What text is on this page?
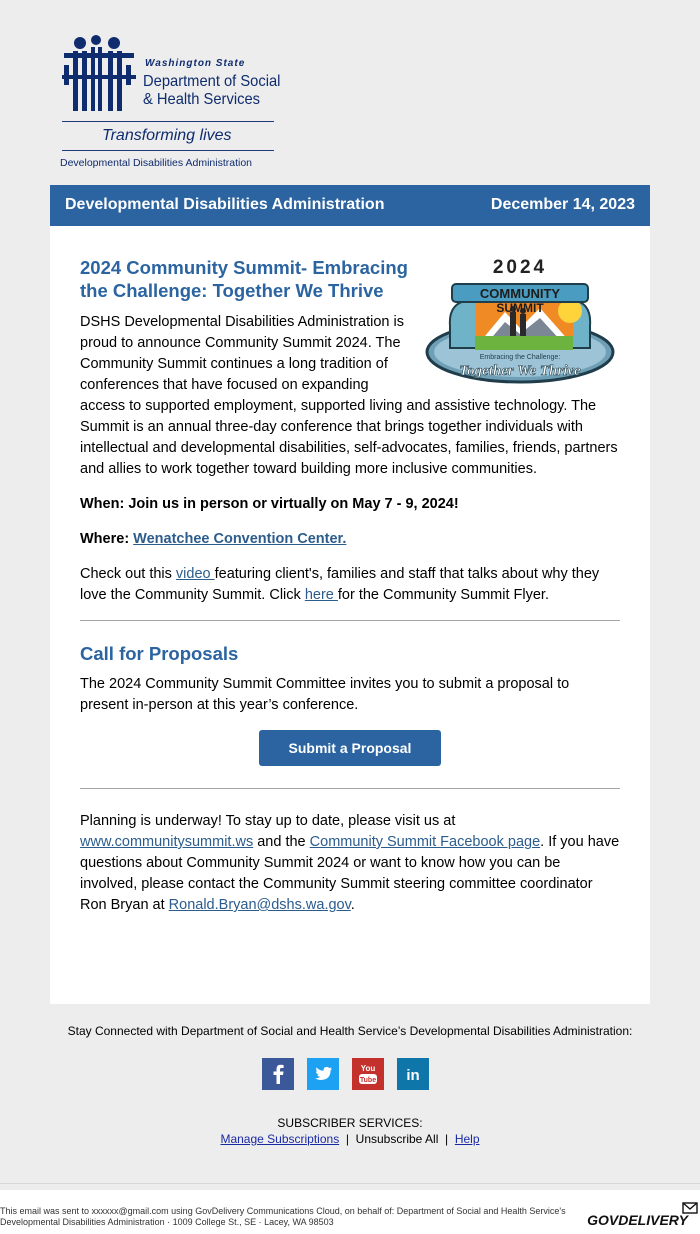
Washington State
Department of Social
& Health Services
Transforming lives
Developmental Disabilities Administration
Developmental Disabilities Administration	December 14, 2023
2024
COMMUNITY
SUMMIT
Embracing the Challenge:
Together We Thrive
2024 Community Summit- Embracing the Challenge: Together We Thrive

DSHS Developmental Disabilities Administration is proud to announce Community Summit 2024. The Community Summit continues a long tradition of conferences that have focused on expanding access to supported employment, supported living and assistive technology. The Summit is an annual three-day conference that brings together individuals with intellectual and developmental disabilities, self-advocates, families, friends, partners and allies to work together toward building more inclusive communities.

When: Join us in person or virtually on May 7 - 9, 2024!

Where: Wenatchee Convention Center.

Check out this video featuring client's, families and staff that talks about why they love the Community Summit. Click here for the Community Summit Flyer.

Call for Proposals

The 2024 Community Summit Committee invites you to submit a proposal to present in-person at this year’s conference.

Submit a Proposal

Planning is underway! To stay up to date, please visit us at www.communitysummit.ws and the Community Summit Facebook page. If you have questions about Community Summit 2024 or want to know how you can be involved, please contact the Community Summit steering committee coordinator Ron Bryan at Ronald.Bryan@dshs.wa.gov.

Stay Connected with Department of Social and Health Service’s Developmental Disabilities Administration:
You
Tube in
SUBSCRIBER SERVICES:
Manage Subscriptions | Unsubscribe All | Help
This email was sent to xxxxxx@gmail.com using GovDelivery Communications Cloud, on behalf of: Department of Social and Health Service's Developmental Disabilities Administration · 1009 College St., SE · Lacey, WA 98503	GOVDELIVERY
